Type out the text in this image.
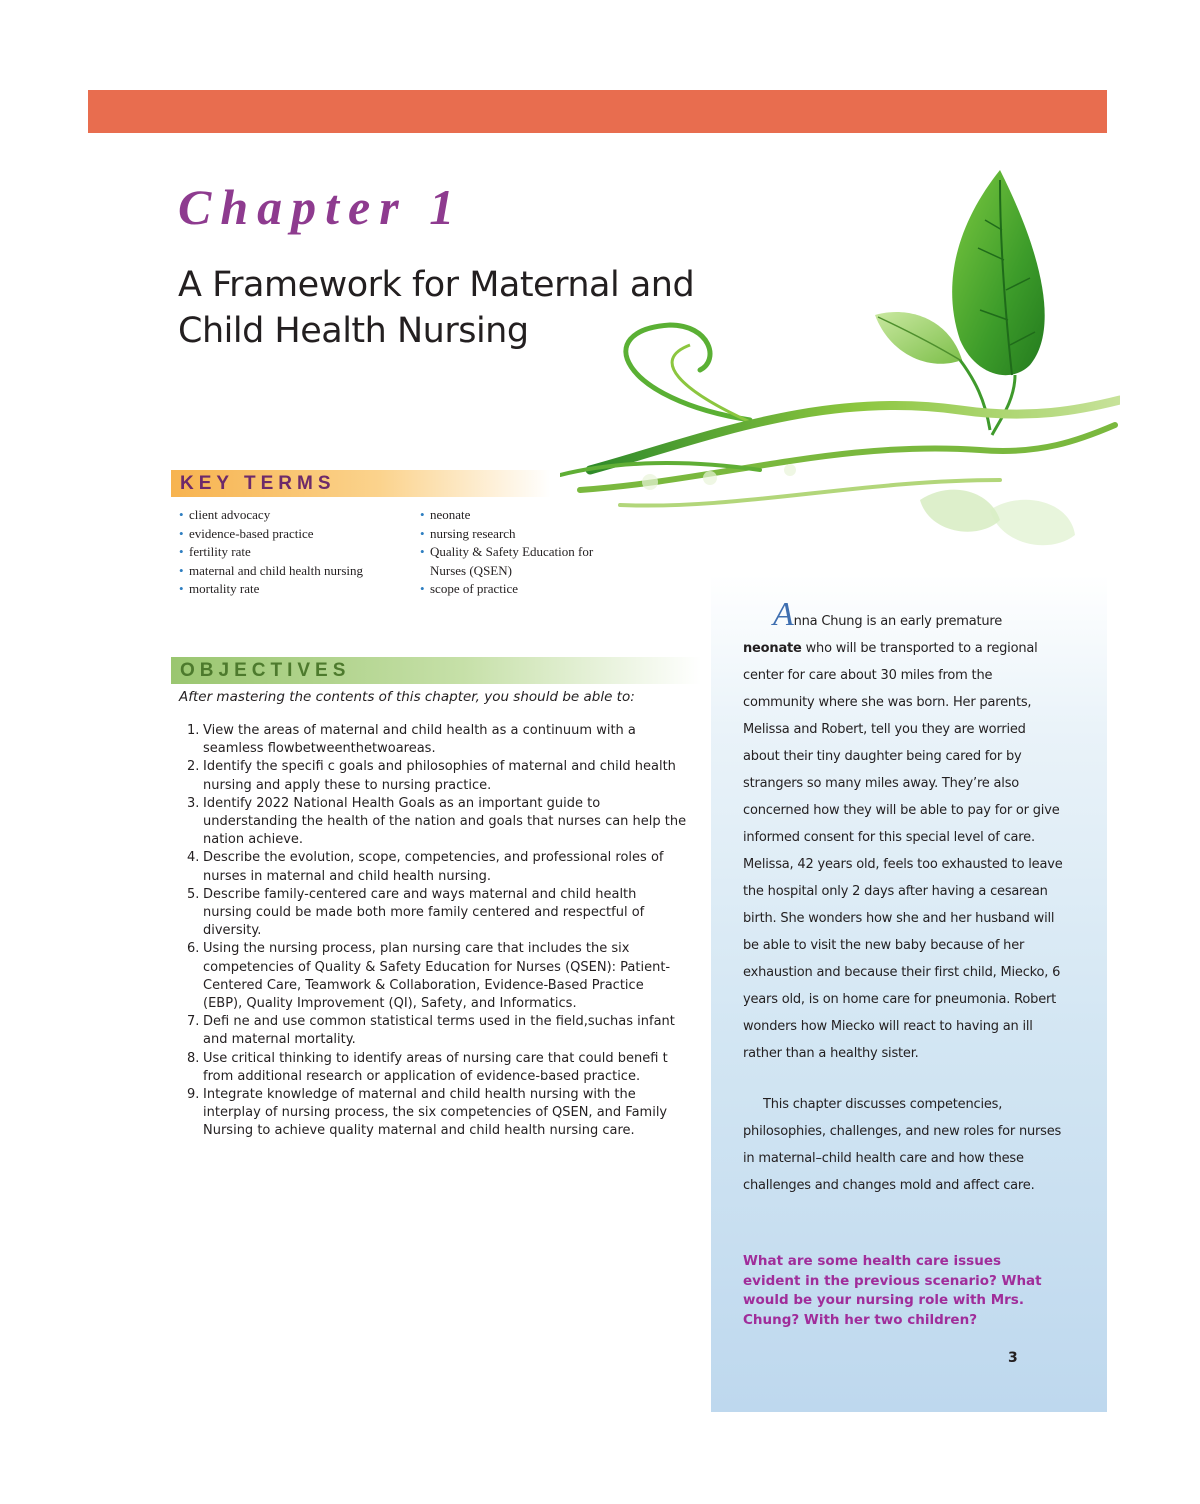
Chapter 1
A Framework for Maternal and Child Health Nursing
KEY TERMS
• client advocacy
• evidence-based practice
• fertility rate
• maternal and child health nursing
• mortality rate
• neonate
• nursing research
• Quality & Safety Education for Nurses (QSEN)
• scope of practice
OBJECTIVES

After mastering the contents of this chapter, you should be able to:

1. View the areas of maternal and child health as a continuum with a seamless flowbetweenthetwoareas.
2. Identify the specifi c goals and philosophies of maternal and child health nursing and apply these to nursing practice.
3. Identify 2022 National Health Goals as an important guide to understanding the health of the nation and goals that nurses can help the nation achieve.
4. Describe the evolution, scope, competencies, and professional roles of nurses in maternal and child health nursing.
5. Describe family-centered care and ways maternal and child health nursing could be made both more family centered and respectful of diversity.
6. Using the nursing process, plan nursing care that includes the six competencies of Quality & Safety Education for Nurses (QSEN): Patient-Centered Care, Teamwork & Collaboration, Evidence-Based Practice (EBP), Quality Improvement (QI), Safety, and Informatics.
7. Defi ne and use common statistical terms used in the field,suchas infant and maternal mortality.
8. Use critical thinking to identify areas of nursing care that could benefi t from additional research or application of evidence-based practice.
9. Integrate knowledge of maternal and child health nursing with the interplay of nursing process, the six competencies of QSEN, and Family Nursing to achieve quality maternal and child health nursing care.

Anna Chung is an early premature neonate who will be transported to a regional center for care about 30 miles from the community where she was born. Her parents, Melissa and Robert, tell you they are worried about their tiny daughter being cared for by strangers so many miles away. They’re also concerned how they will be able to pay for or give informed consent for this special level of care. Melissa, 42 years old, feels too exhausted to leave the hospital only 2 days after having a cesarean birth. She wonders how she and her husband will be able to visit the new baby because of her exhaustion and because their first child, Miecko, 6 years old, is on home care for pneumonia. Robert wonders how Miecko will react to having an ill rather than a healthy sister.

This chapter discusses competencies, philosophies, challenges, and new roles for nurses in maternal–child health care and how these challenges and changes mold and affect care.

What are some health care issues evident in the previous scenario? What would be your nursing role with Mrs. Chung? With her two children?

3
